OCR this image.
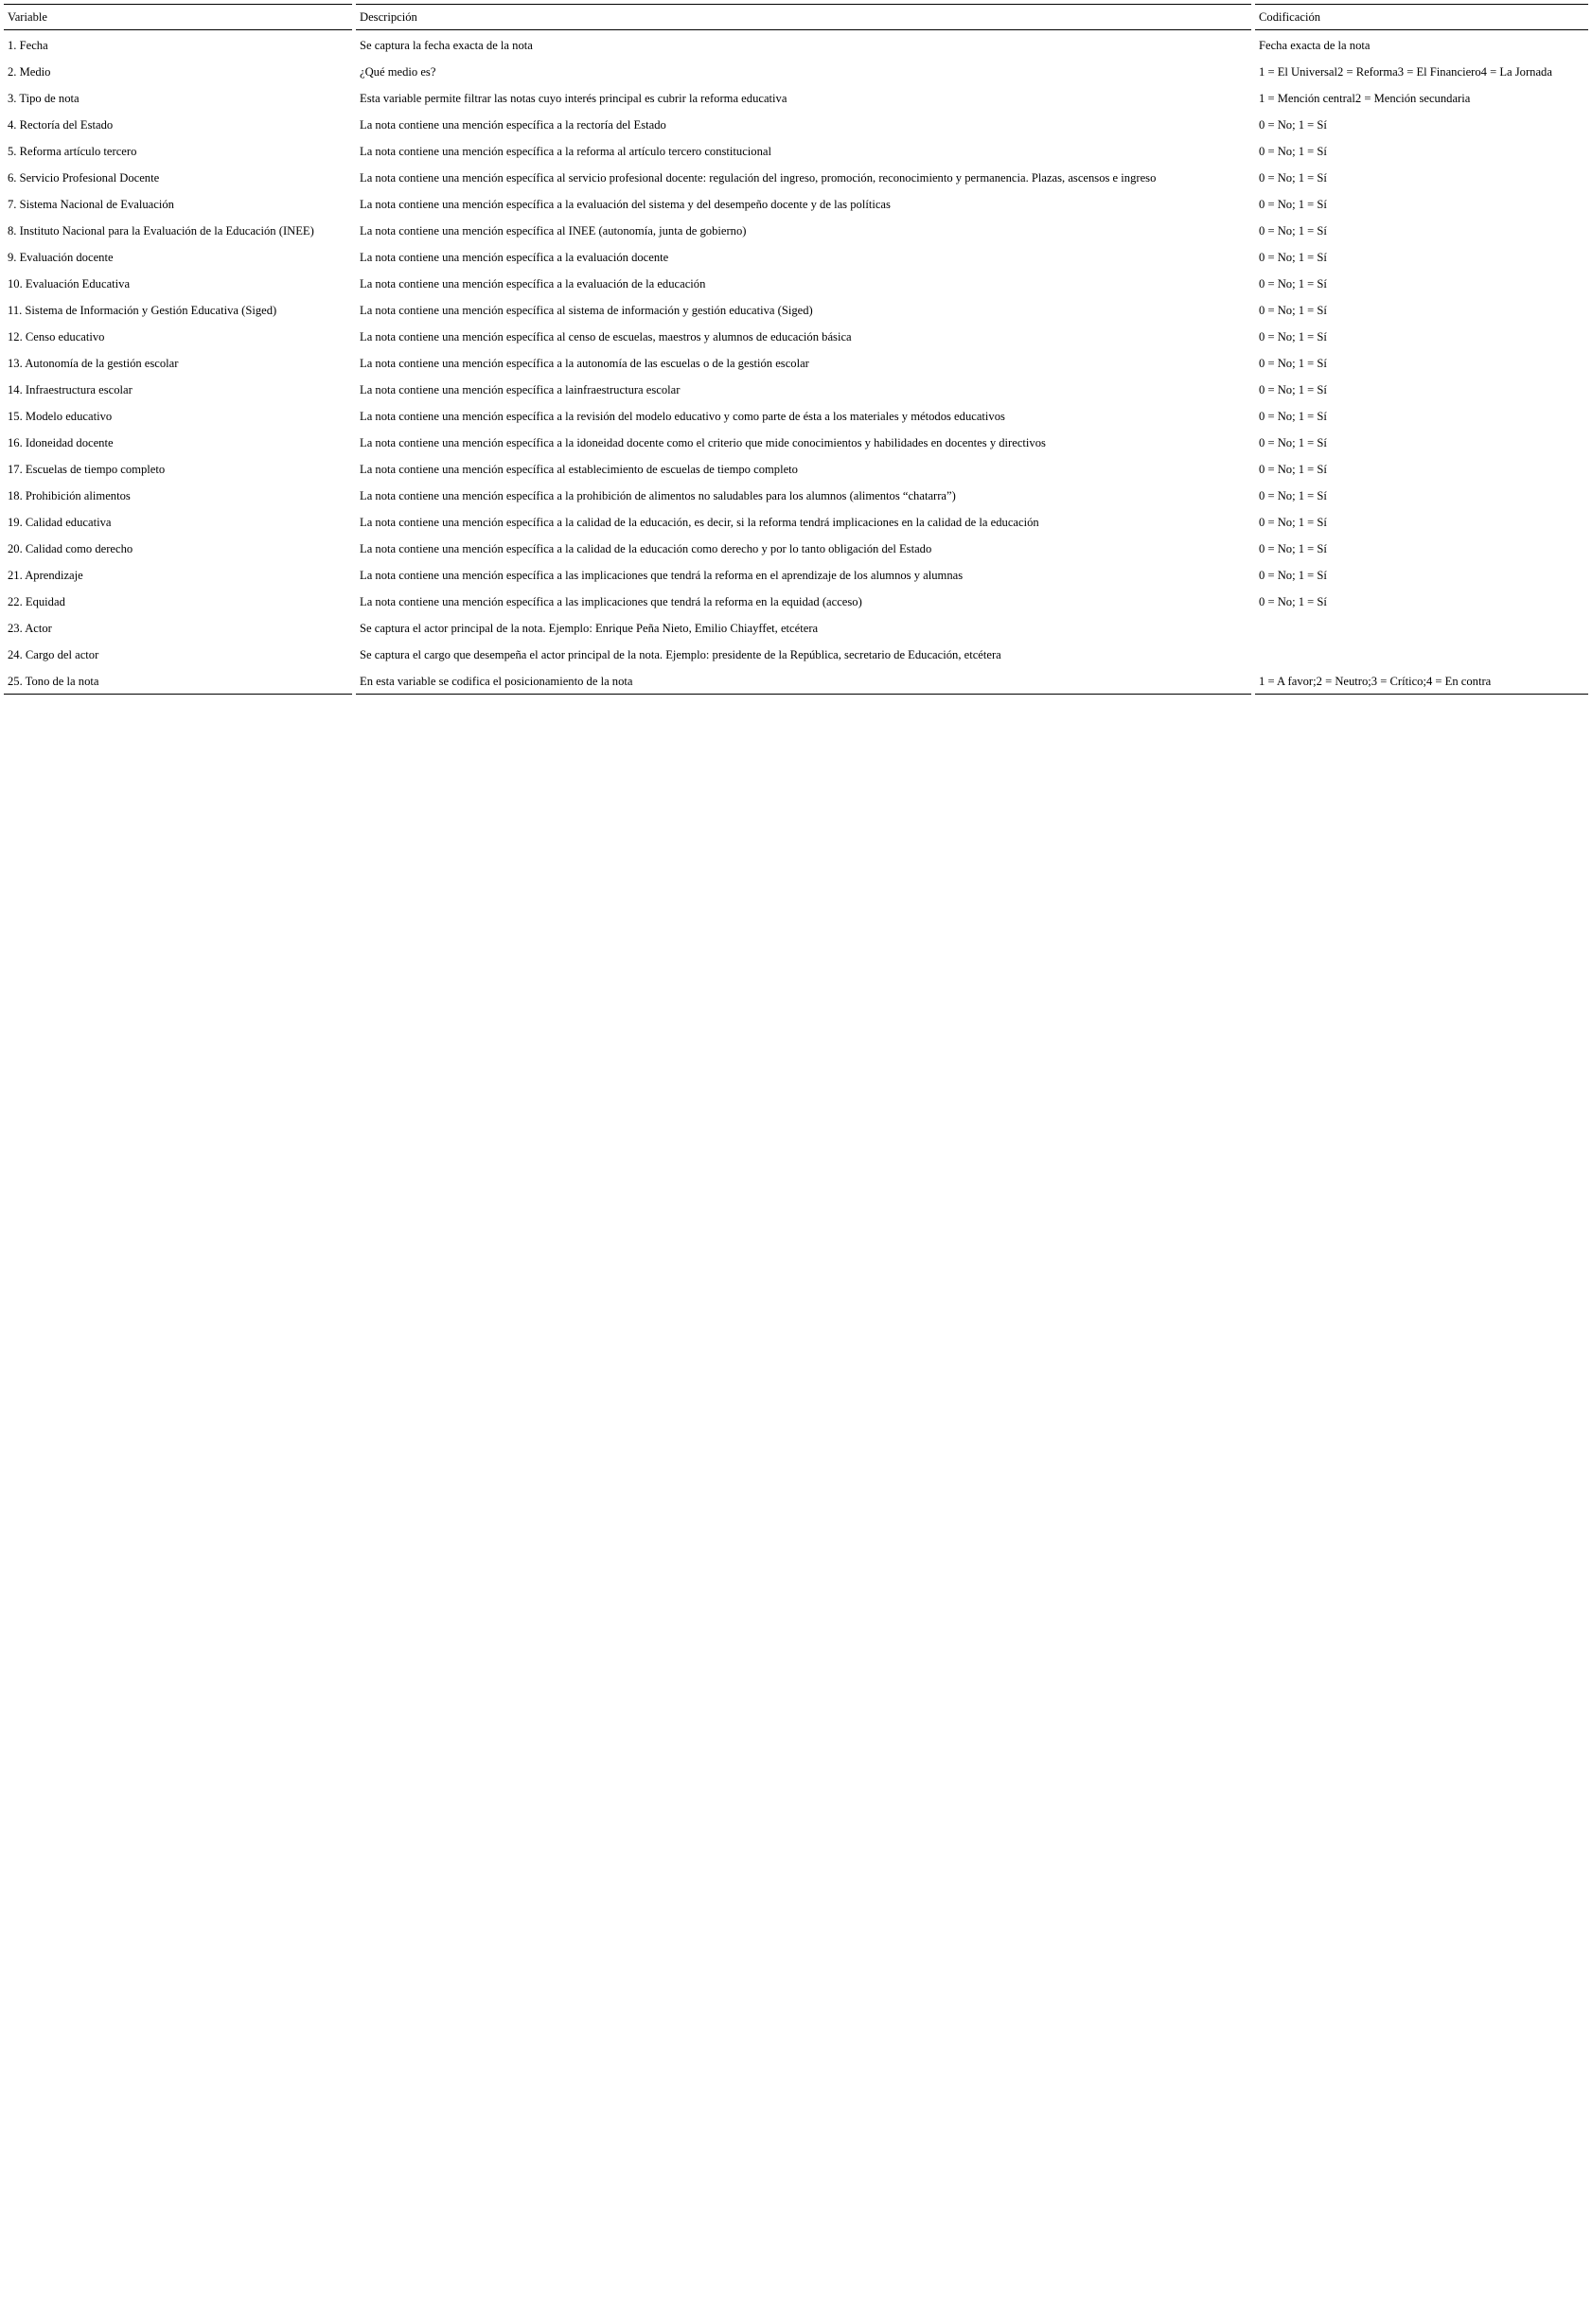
Variable	Descripción	Codificación
1. Fecha	Se captura la fecha exacta de la nota	Fecha exacta de la nota
2. Medio	¿Qué medio es?	1 = El Universal2 = Reforma3 = El Financiero4 = La Jornada
3. Tipo de nota	Esta variable permite filtrar las notas cuyo interés principal es cubrir la reforma educativa	1 = Mención central2 = Mención secundaria
4. Rectoría del Estado	La nota contiene una mención específica a la rectoría del Estado	0 = No; 1 = Sí
5. Reforma artículo tercero	La nota contiene una mención específica a la reforma al artículo tercero constitucional	0 = No; 1 = Sí
6. Servicio Profesional Docente	La nota contiene una mención específica al servicio profesional docente: regulación del ingreso, promoción, reconocimiento y permanencia. Plazas, ascensos e ingreso	0 = No; 1 = Sí
7. Sistema Nacional de Evaluación	La nota contiene una mención específica a la evaluación del sistema y del desempeño docente y de las políticas	0 = No; 1 = Sí
8. Instituto Nacional para la Evaluación de la Educación (INEE)	La nota contiene una mención específica al INEE (autonomía, junta de gobierno)	0 = No; 1 = Sí
9. Evaluación docente	La nota contiene una mención específica a la evaluación docente	0 = No; 1 = Sí
10. Evaluación Educativa	La nota contiene una mención específica a la evaluación de la educación	0 = No; 1 = Sí
11. Sistema de Información y Gestión Educativa (Siged)	La nota contiene una mención específica al sistema de información y gestión educativa (Siged)	0 = No; 1 = Sí
12. Censo educativo	La nota contiene una mención específica al censo de escuelas, maestros y alumnos de educación básica	0 = No; 1 = Sí
13. Autonomía de la gestión escolar	La nota contiene una mención específica a la autonomía de las escuelas o de la gestión escolar	0 = No; 1 = Sí
14. Infraestructura escolar	La nota contiene una mención específica a lainfraestructura escolar	0 = No; 1 = Sí
15. Modelo educativo	La nota contiene una mención específica a la revisión del modelo educativo y como parte de ésta a los materiales y métodos educativos	0 = No; 1 = Sí
16. Idoneidad docente	La nota contiene una mención específica a la idoneidad docente como el criterio que mide conocimientos y habilidades en docentes y directivos	0 = No; 1 = Sí
17. Escuelas de tiempo completo	La nota contiene una mención específica al establecimiento de escuelas de tiempo completo	0 = No; 1 = Sí
18. Prohibición alimentos	La nota contiene una mención específica a la prohibición de alimentos no saludables para los alumnos (alimentos “chatarra”)	0 = No; 1 = Sí
19. Calidad educativa	La nota contiene una mención específica a la calidad de la educación, es decir, si la reforma tendrá implicaciones en la calidad de la educación	0 = No; 1 = Sí
20. Calidad como derecho	La nota contiene una mención específica a la calidad de la educación como derecho y por lo tanto obligación del Estado	0 = No; 1 = Sí
21. Aprendizaje	La nota contiene una mención específica a las implicaciones que tendrá la reforma en el aprendizaje de los alumnos y alumnas	0 = No; 1 = Sí
22. Equidad	La nota contiene una mención específica a las implicaciones que tendrá la reforma en la equidad (acceso)	0 = No; 1 = Sí
23. Actor	Se captura el actor principal de la nota. Ejemplo: Enrique Peña Nieto, Emilio Chiayffet, etcétera	
24. Cargo del actor	Se captura el cargo que desempeña el actor principal de la nota. Ejemplo: presidente de la República, secretario de Educación, etcétera	
25. Tono de la nota	En esta variable se codifica el posicionamiento de la nota	1 = A favor;2 = Neutro;3 = Crítico;4 = En contra
